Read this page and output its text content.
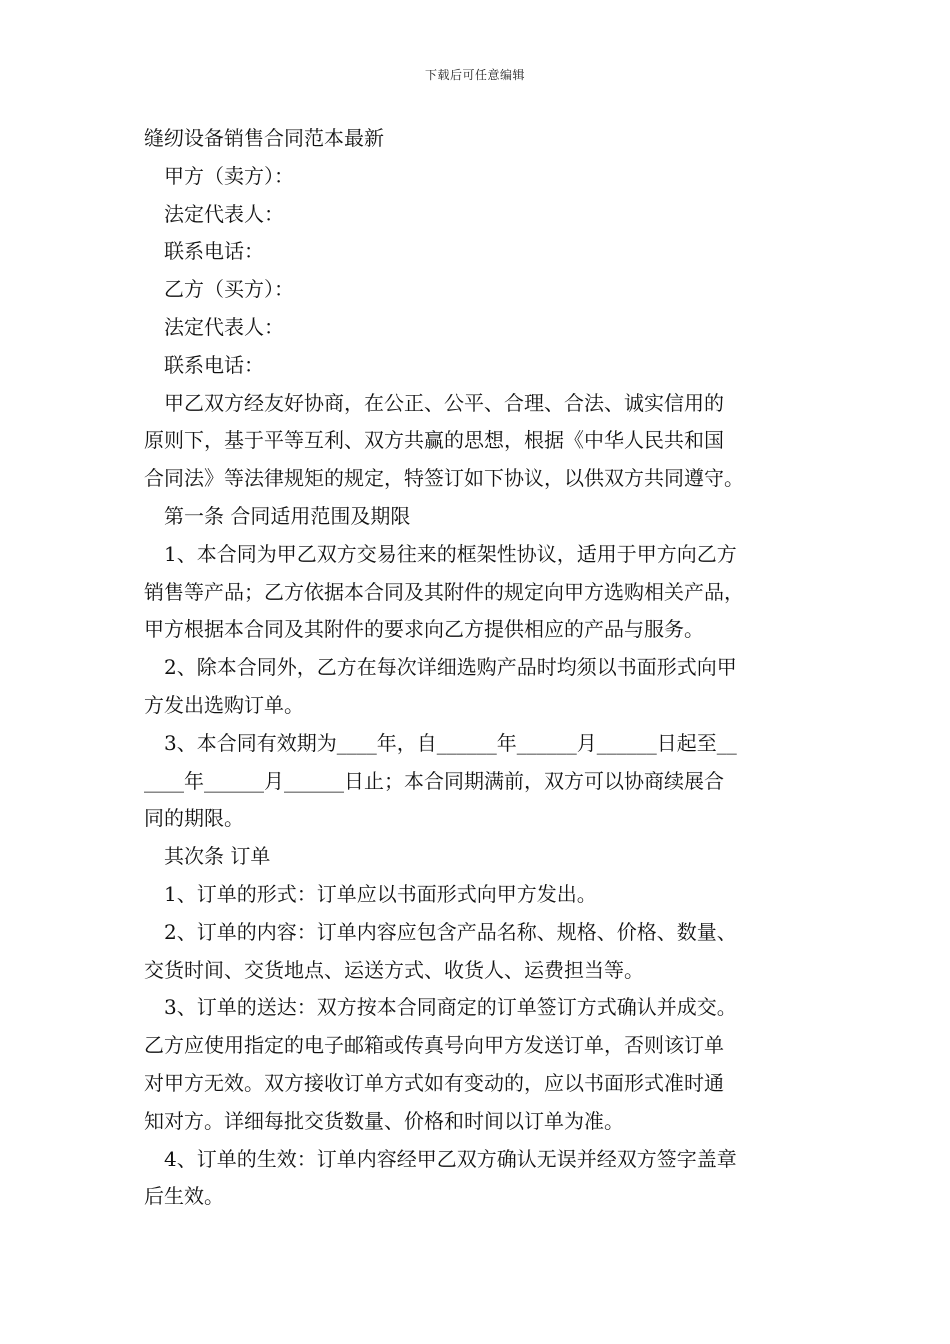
下载后可任意编辑
缝纫设备销售合同范本最新
甲方（卖方）：
法定代表人：
联系电话：
乙方（买方）：
法定代表人：
联系电话：
甲乙双方经友好协商，在公正、公平、合理、合法、诚实信用的
原则下，基于平等互利、双方共赢的思想，根据《中华人民共和国
合同法》等法律规矩的规定，特签订如下协议，以供双方共同遵守。
第一条 合同适用范围及期限
1、本合同为甲乙双方交易往来的框架性协议，适用于甲方向乙方
销售等产品；乙方依据本合同及其附件的规定向甲方选购相关产品，
甲方根据本合同及其附件的要求向乙方提供相应的产品与服务。
2、除本合同外，乙方在每次详细选购产品时均须以书面形式向甲
方发出选购订单。
3、本合同有效期为____年，自______年______月______日起至__
____年______月______日止；本合同期满前，双方可以协商续展合
同的期限。
其次条 订单
1、订单的形式：订单应以书面形式向甲方发出。
2、订单的内容：订单内容应包含产品名称、规格、价格、数量、
交货时间、交货地点、运送方式、收货人、运费担当等。
3、订单的送达：双方按本合同商定的订单签订方式确认并成交。
乙方应使用指定的电子邮箱或传真号向甲方发送订单，否则该订单
对甲方无效。双方接收订单方式如有变动的，应以书面形式准时通
知对方。详细每批交货数量、价格和时间以订单为准。
4、订单的生效：订单内容经甲乙双方确认无误并经双方签字盖章
后生效。
